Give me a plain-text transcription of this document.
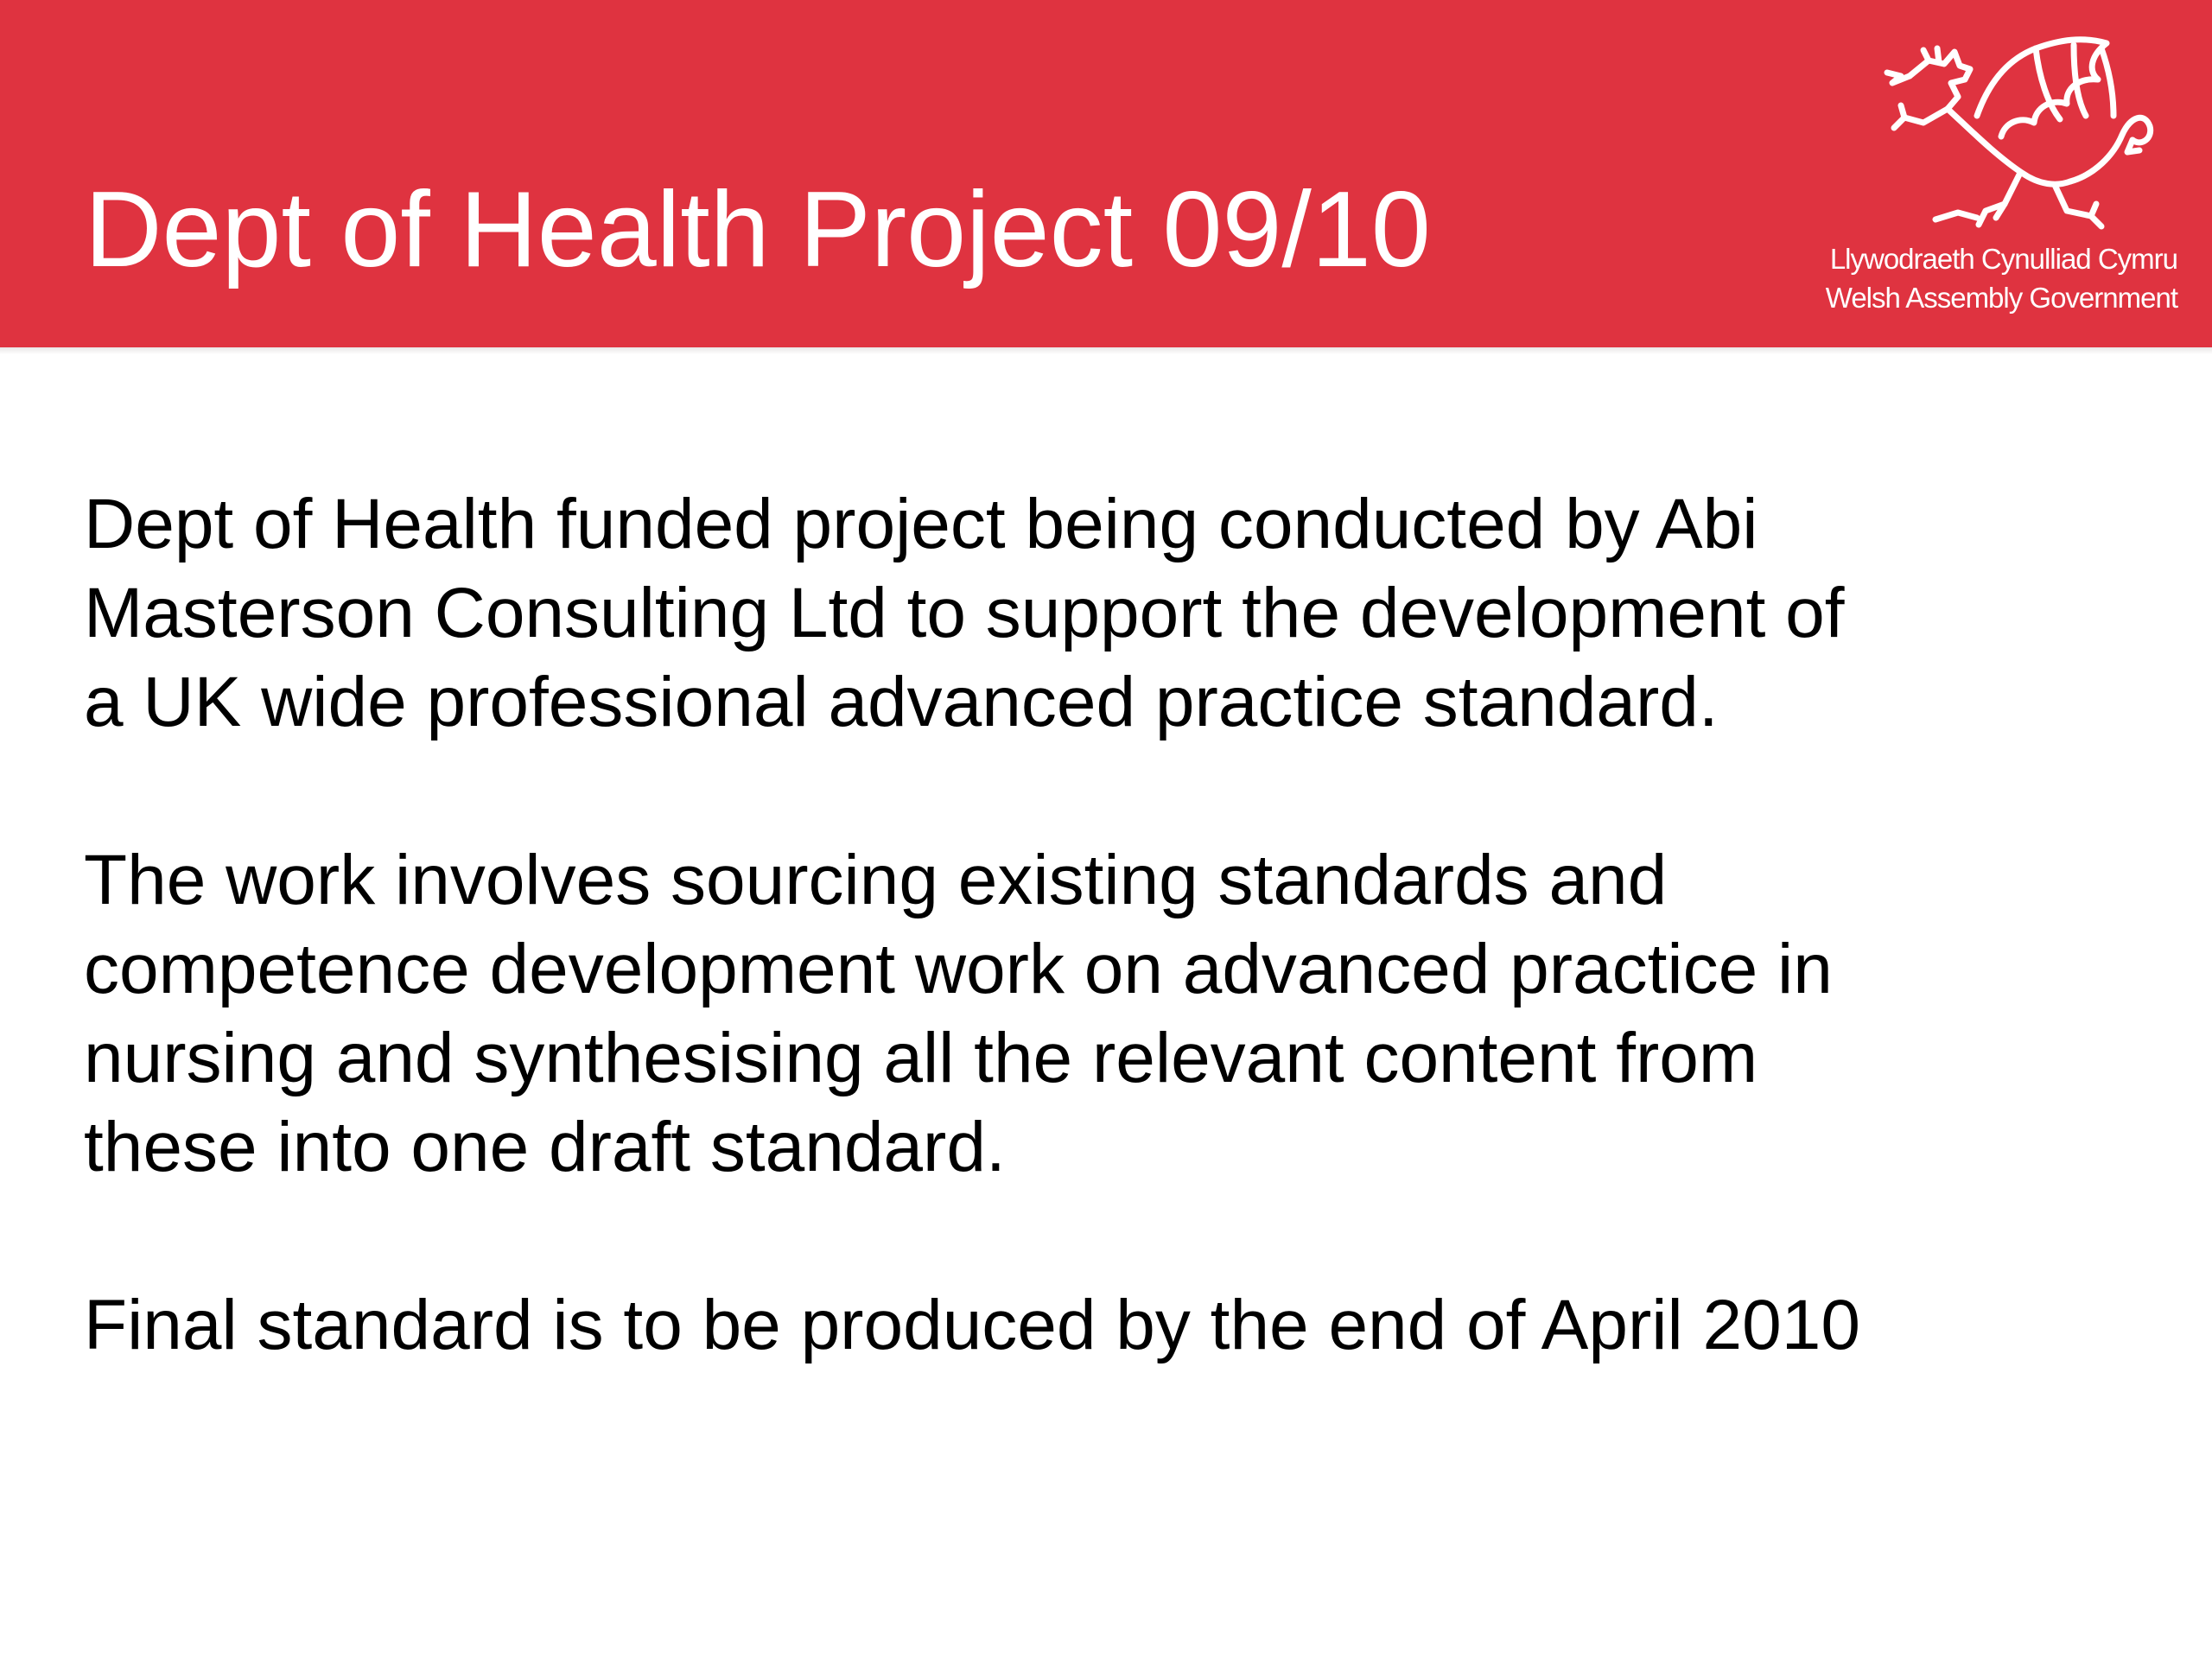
Dept of Health Project 09/10	Llywodraeth Cynulliad Cymru
Welsh Assembly Government

Dept of Health funded project being conducted by Abi
Masterson Consulting Ltd to support the development of
a UK wide professional advanced practice standard.

The work involves sourcing existing standards and
competence development work on advanced practice in
nursing and synthesising all the relevant content from
these into one draft standard.

Final standard is to be produced by the end of April 2010
